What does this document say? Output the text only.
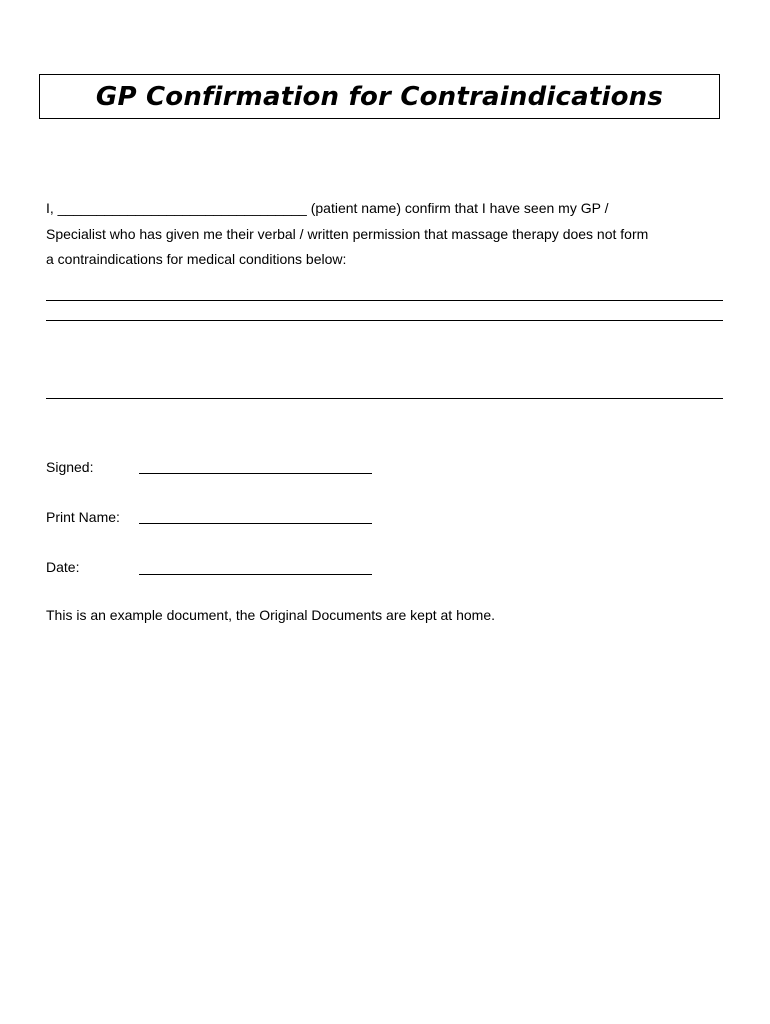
GP Confirmation for Contraindications
I, ________________________________ (patient name) confirm that I have seen my GP /
Specialist who has given me their verbal / written permission that massage therapy does not form
a contraindications for medical conditions below:
Signed:
Print Name:
Date:
This is an example document, the Original Documents are kept at home.
